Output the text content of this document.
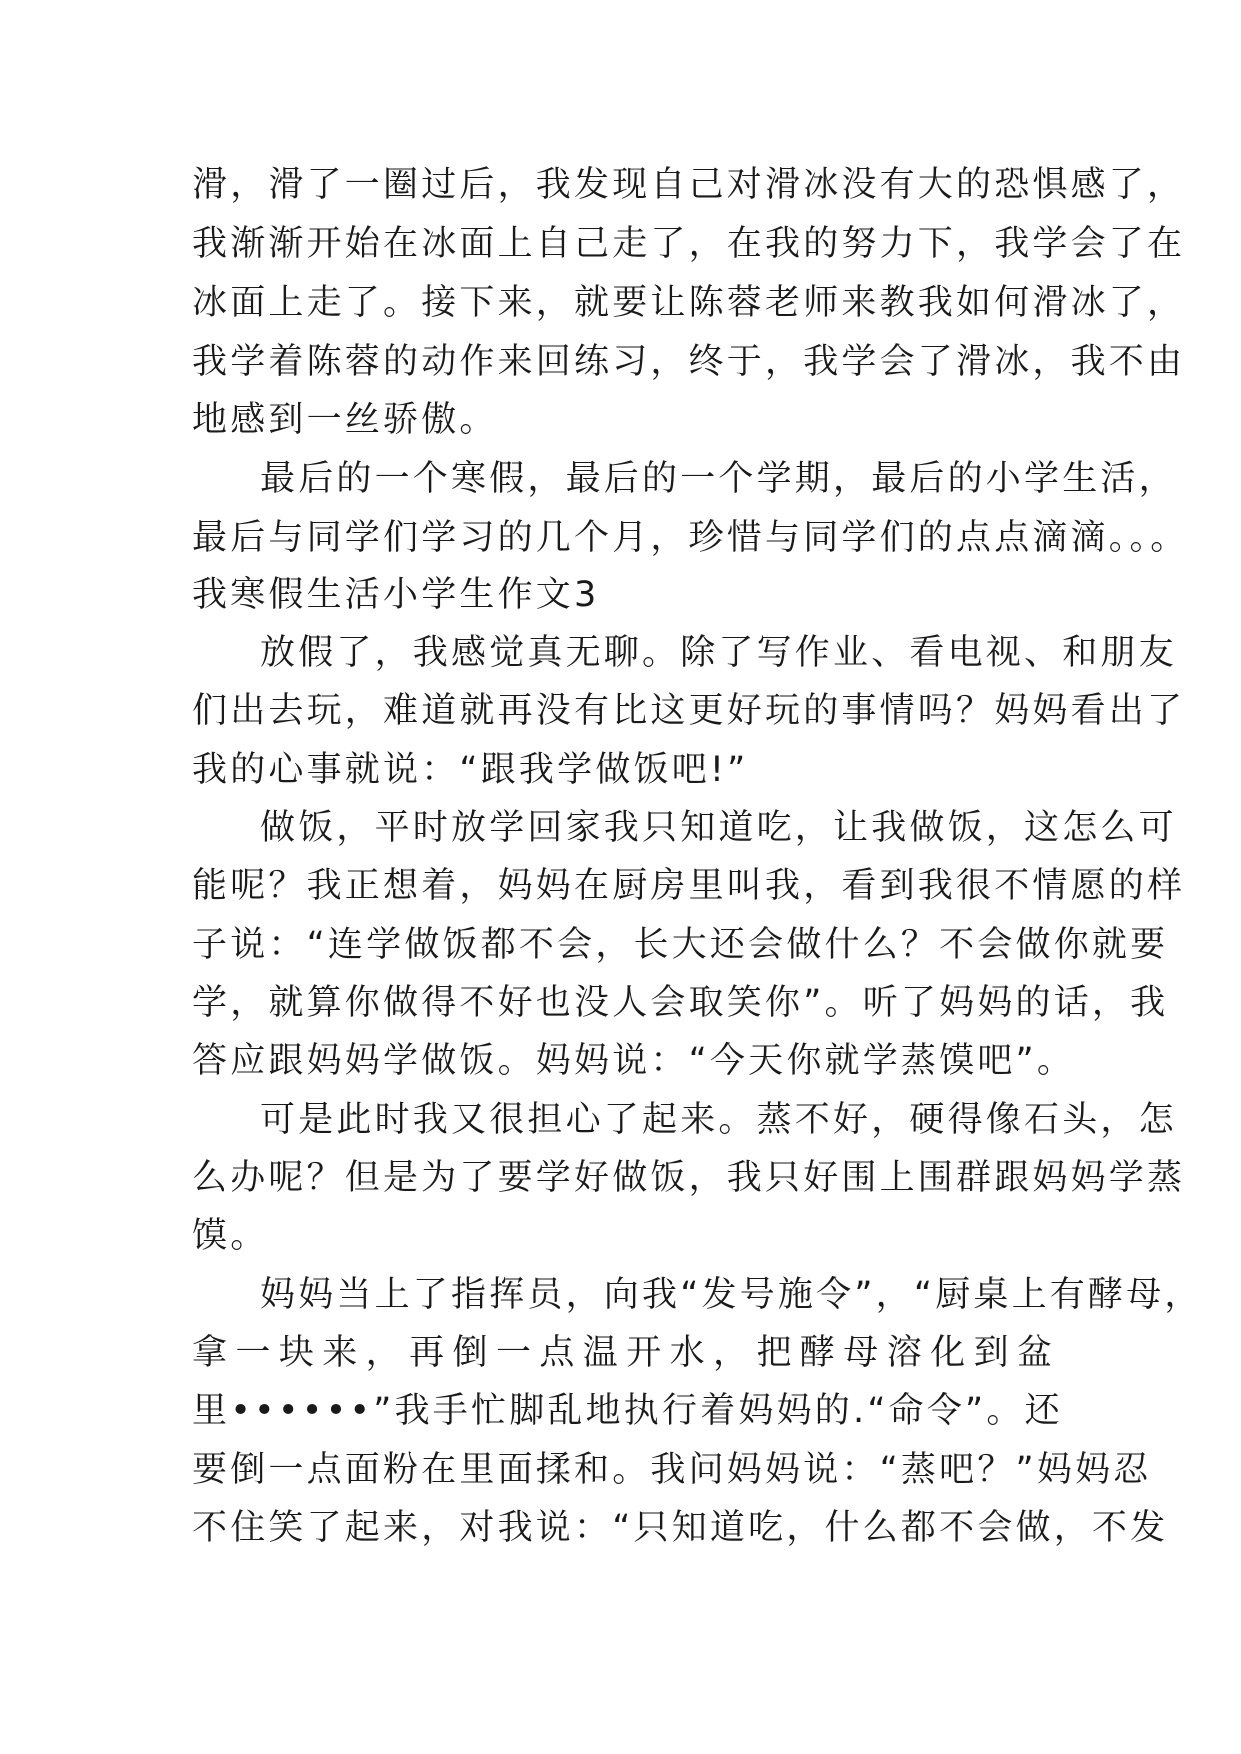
滑，滑了一圈过后，我发现自己对滑冰没有大的恐惧感了，
我渐渐开始在冰面上自己走了，在我的努力下，我学会了在
冰面上走了。接下来，就要让陈蓉老师来教我如何滑冰了，
我学着陈蓉的动作来回练习，终于，我学会了滑冰，我不由
地感到一丝骄傲。
最后的一个寒假，最后的一个学期，最后的小学生活，
最后与同学们学习的几个月，珍惜与同学们的点点滴滴。。。
我寒假生活小学生作文3
放假了，我感觉真无聊。除了写作业、看电视、和朋友
们出去玩，难道就再没有比这更好玩的事情吗？妈妈看出了
我的心事就说：“跟我学做饭吧!”
做饭，平时放学回家我只知道吃，让我做饭，这怎么可
能呢？我正想着，妈妈在厨房里叫我，看到我很不情愿的样
子说：“连学做饭都不会，长大还会做什么？不会做你就要
学，就算你做得不好也没人会取笑你”。听了妈妈的话，我
答应跟妈妈学做饭。妈妈说：“今天你就学蒸馍吧”。
可是此时我又很担心了起来。蒸不好，硬得像石头，怎
么办呢？但是为了要学好做饭，我只好围上围群跟妈妈学蒸
馍。
妈妈当上了指挥员，向我“发号施令”，“厨桌上有酵母，
拿一块来，再倒一点温开水，把酵母溶化到盆
里••••••”我手忙脚乱地执行着妈妈的.“命令”。还
要倒一点面粉在里面揉和。我问妈妈说：“蒸吧？”妈妈忍
不住笑了起来，对我说：“只知道吃，什么都不会做，不发
